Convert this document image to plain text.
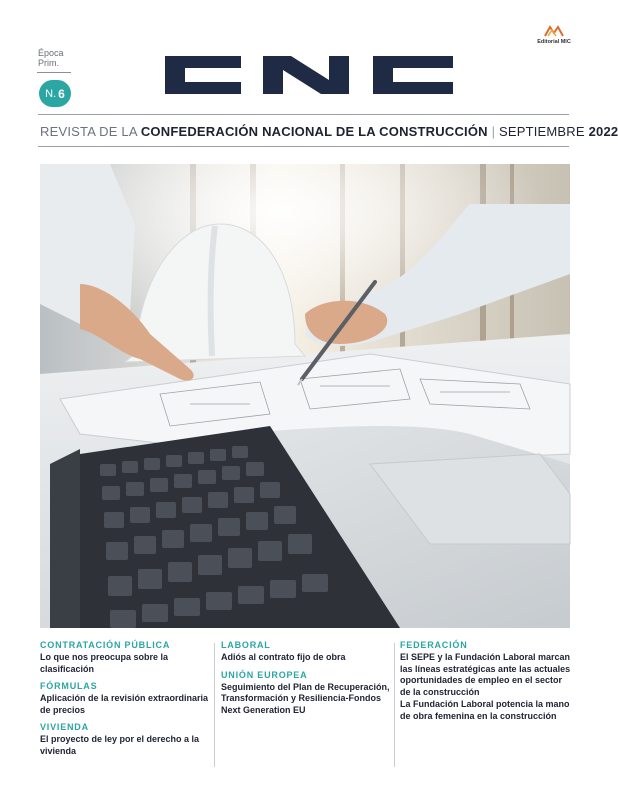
Editorial MIC
Época
Prim.
N. 6
REVISTA DE LA CONFEDERACIÓN NACIONAL DE LA CONSTRUCCIÓN | SEPTIEMBRE 2022
CONTRATACIÓN PÚBLICA
Lo que nos preocupa sobre la clasificación
FÓRMULAS
Aplicación de la revisión extraordinaria de precios
VIVIENDA
El proyecto de ley por el derecho a la vivienda
LABORAL
Adiós al contrato fijo de obra
UNIÓN EUROPEA
Seguimiento del Plan de Recuperación, Transformación y Resiliencia-Fondos Next Generation EU
FEDERACIÓN
El SEPE y la Fundación Laboral marcan las líneas estratégicas ante las actuales oportunidades de empleo en el sector de la construcción
La Fundación Laboral potencia la mano de obra femenina en la construcción
